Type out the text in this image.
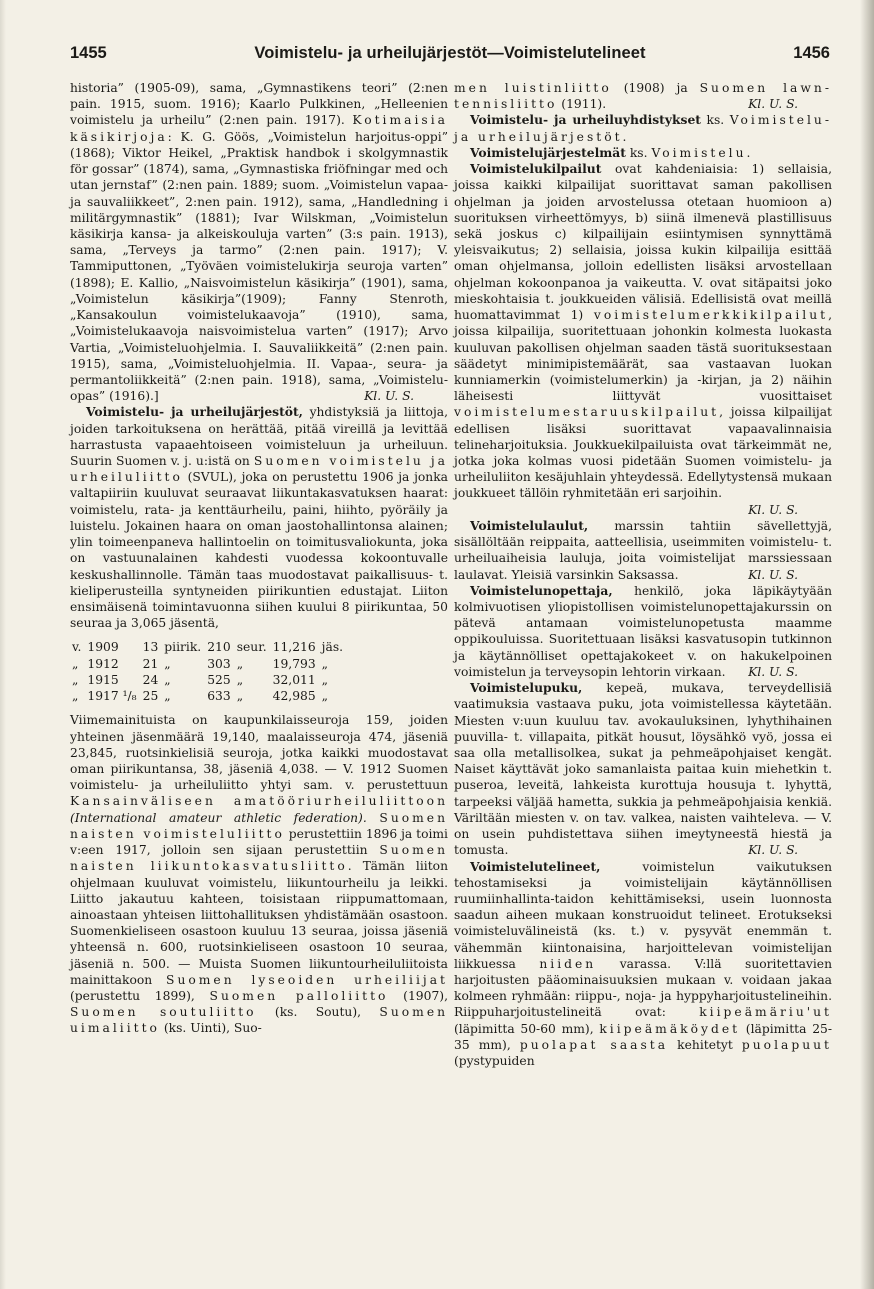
1455	Voimistelu- ja urheilujärjestöt—Voimistelutelineet	1456

historia” (1905-09), sama, „Gymnastikens teori” (2:nen pain. 1915, suom. 1916); Kaarlo Pulkkinen, „Helleenien voimistelu ja urheilu” (2:nen pain. 1917). Kotimaisia käsikirjoja: K. G. Göös, „Voimistelun harjoitus-oppi” (1868); Viktor Heikel, „Praktisk handbok i skolgymnastik för gossar” (1874), sama, „Gymnastiska friöfningar med och utan jernstaf” (2:nen pain. 1889; suom. „Voimistelun vapaa-ja sauvaliikkeet”, 2:nen pain. 1912), sama, „Handledning i militärgymnastik” (1881); Ivar Wilskman, „Voimistelun käsikirja kansa- ja alkeiskouluja varten” (3:s pain. 1913), sama, „Terveys ja tarmo” (2:nen pain. 1917); V. Tammiputtonen, „Työväen voimistelukirja seuroja varten” (1898); E. Kallio, „Naisvoimistelun käsikirja” (1901), sama, „Voimistelun käsikirja”(1909); Fanny Stenroth, „Kansakoulun voimistelukaavoja” (1910), sama, „Voimistelukaavoja naisvoimistelua varten” (1917); Arvo Vartia, „Voimisteluohjelmia. I. Sauvaliikkeitä” (2:nen pain. 1915), sama, „Voimisteluohjelmia. II. Vapaa-, seura- ja permantoliikkeitä” (2:nen pain. 1918), sama, „Voimistelu-opas” (1916).]	Kl. U. S.

Voimistelu- ja urheilujärjestöt, yhdistyksiä ja liittoja, joiden tarkoituksena on herättää, pitää vireillä ja levittää harrastusta vapaaehtoiseen voimisteluun ja urheiluun. Suurin Suomen v. j. u:istä on Suomen voimistelu ja urheiluliitto (SVUL), joka on perustettu 1906 ja jonka valtapiiriin kuuluvat seuraavat liikuntakasvatuksen haarat: voimistelu, rata- ja kenttäurheilu, paini, hiihto, pyöräily ja luistelu. Jokainen haara on oman jaostohallintonsa alainen; ylin toimeenpaneva hallintoelin on toimitusvaliokunta, joka on vastuunalainen kahdesti vuodessa kokoontuvalle keskushallinnolle. Tämän taas muodostavat paikallisuus- t. kieliperusteilla syntyneiden piirikuntien edustajat. Liiton ensimäisenä toimintavuonna siihen kuului 8 piirikuntaa, 50 seuraa ja 3,065 jäsentä,

v.	1909	13	piirik.	210	seur.	11,216	jäs.
„	1912	21	„	303	„	19,793	„
„	1915	24	„	525	„	32,011	„
„	1917 ¹/₈	25	„	633	„	42,985	„

Viimemainituista on kaupunkilaisseuroja 159, joiden yhteinen jäsenmäärä 19,140, maalaisseuroja 474, jäseniä 23,845, ruotsinkielisiä seuroja, jotka kaikki muodostavat oman piirikuntansa, 38, jäseniä 4,038. — V. 1912 Suomen voimistelu- ja urheiluliitto yhtyi sam. v. perustettuun Kansainväliseen amatööriurheiluliittoon (International amateur athletic federation). Suomen naisten voimisteluliitto perustettiin 1896 ja toimi v:een 1917, jolloin sen sijaan perustettiin Suomen naisten liikuntokasvatusliitto. Tämän liiton ohjelmaan kuuluvat voimistelu, liikuntourheilu ja leikki. Liitto jakautuu kahteen, toisistaan riippumattomaan, ainoastaan yhteisen liittohallituksen yhdistämään osastoon. Suomenkieliseen osastoon kuuluu 13 seuraa, joissa jäseniä yhteensä n. 600, ruotsinkieliseen osastoon 10 seuraa, jäseniä n. 500. — Muista Suomen liikuntourheiluliitoista mainittakoon Suomen lyseoiden urheiliijat (perustettu 1899), Suomen palloliitto (1907), Suomen soutuliitto (ks. Soutu), Suomen uimaliitto (ks. Uinti), Suo-

men luistinliitto (1908) ja Suomen lawn-tennisliitto (1911).	Kl. U. S.

Voimistelu- ja urheiluyhdistykset ks. Voimistelu- ja urheilujärjestöt.

Voimistelujärjestelmät ks. Voimistelu.

Voimistelukilpailut ovat kahdeniaisia: 1) sellaisia, joissa kaikki kilpailijat suorittavat saman pakollisen ohjelman ja joiden arvostelussa otetaan huomioon a) suorituksen virheettömyys, b) siinä ilmenevä plastillisuus sekä joskus c) kilpailijain esiintymisen synnyttämä yleisvaikutus; 2) sellaisia, joissa kukin kilpailija esittää oman ohjelmansa, jolloin edellisten lisäksi arvostellaan ohjelman kokoonpanoa ja vaikeutta. V. ovat sitäpaitsi joko mieskohtaisia t. joukkueiden välisiä. Edellisistä ovat meillä huomattavimmat 1) voimistelumerkkikilpailut, joissa kilpailija, suoritettuaan johonkin kolmesta luokasta kuuluvan pakollisen ohjelman saaden tästä suorituksestaan säädetyt minimipistemäärät, saa vastaavan luokan kunniamerkin (voimistelumerkin) ja -kirjan, ja 2) näihin läheisesti liittyvät vuosittaiset voimistelumestaruuskilpailut, joissa kilpailijat edellisen lisäksi suorittavat vapaavalinnaisia telineharjoituksia. Joukkuekilpailuista ovat tärkeimmät ne, jotka joka kolmas vuosi pidetään Suomen voimistelu- ja urheiluliiton kesäjuhlain yhteydessä. Edellytystensä mukaan joukkueet tällöin ryhmitetään eri sarjoihin.
Kl. U. S.

Voimistelulaulut, marssin tahtiin sävellettyjä, sisällöltään reippaita, aatteellisia, useimmiten voimistelu- t. urheiluaiheisia lauluja, joita voimistelijat marssiessaan laulavat. Yleisiä varsinkin Saksassa.	Kl. U. S.

Voimistelunopettaja, henkilö, joka läpikäytyään kolmivuotisen yliopistollisen voimistelunopettajakurssin on pätevä antamaan voimistelunopetusta maamme oppikouluissa. Suoritettuaan lisäksi kasvatusopin tutkinnon ja käytännölliset opettajakokeet v. on hakukelpoinen voimistelun ja terveysopin lehtorin virkaan.	Kl. U. S.

Voimistelupuku, kepeä, mukava, terveydellisiä vaatimuksia vastaava puku, jota voimistellessa käytetään. Miesten v:uun kuuluu tav. avokauluksinen, lyhythihainen puuvilla- t. villapaita, pitkät housut, löysähkö vyö, jossa ei saa olla metallisolkea, sukat ja pehmeäpohjaiset kengät. Naiset käyttävät joko samanlaista paitaa kuin miehetkin t. puseroa, leveitä, lahkeista kurottuja housuja t. lyhyttä, tarpeeksi väljää hametta, sukkia ja pehmeäpohjaisia kenkiä. Väriltään miesten v. on tav. valkea, naisten vaihteleva. — V. on usein puhdistettava siihen imeytyneestä hiestä ja tomusta.	Kl. U. S.

Voimistelutelineet, voimistelun vaikutuksen tehostamiseksi ja voimistelijain käytännöllisen ruumiinhallinta-taidon kehittämiseksi, usein luonnosta saadun aiheen mukaan konstruoidut telineet. Erotukseksi voimisteluvälineistä (ks. t.) v. pysyvät enemmän t. vähemmän kiintonaisina, harjoittelevan voimistelijan liikkuessa niiden varassa. V:llä suoritettavien harjoitusten pääominaisuuksien mukaan v. voidaan jakaa kolmeen ryhmään: riippu-, noja- ja hyppyharjoitustelineihin. Riippuharjoitustelineitä ovat: kiipeämäriu'ut (läpimitta 50-60 mm), kiipeämäköydet (läpimitta 25-35 mm), puolapat saasta kehitetyt puolapuut (pystypuiden
